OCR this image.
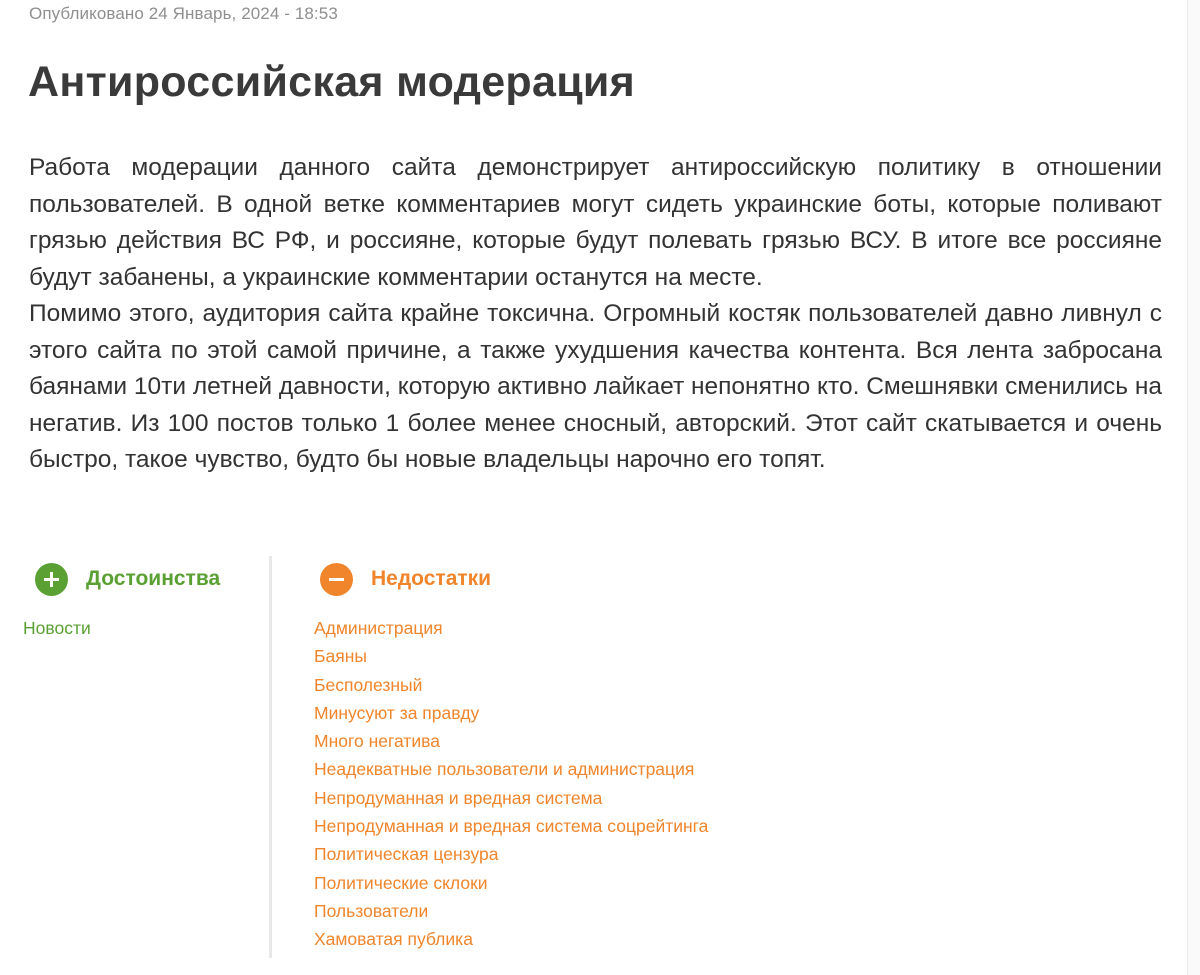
Опубликовано 24 Январь, 2024 - 18:53
Антироссийская модерация

Работа модерации данного сайта демонстрирует антироссийскую политику в отношении пользователей. В одной ветке комментариев могут сидеть украинские боты, которые поливают грязью действия ВС РФ, и россияне, которые будут полевать грязью ВСУ. В итоге все россияне будут забанены, а украинские комментарии останутся на месте.

Помимо этого, аудитория сайта крайне токсична. Огромный костяк пользователей давно ливнул с этого сайта по этой самой причине, а также ухудшения качества контента. Вся лента забросана баянами 10ти летней давности, которую активно лайкает непонятно кто. Смешнявки сменились на негатив. Из 100 постов только 1 более менее сносный, авторский. Этот сайт скатывается и очень быстро, такое чувство, будто бы новые владельцы нарочно его топят.

Достоинства
Новости
Недостатки
Администрация
Баяны
Бесполезный
Минусуют за правду
Много негатива
Неадекватные пользователи и администрация
Непродуманная и вредная система
Непродуманная и вредная система соцрейтинга
Политическая цензура
Политические склоки
Пользователи
Хамоватая публика
